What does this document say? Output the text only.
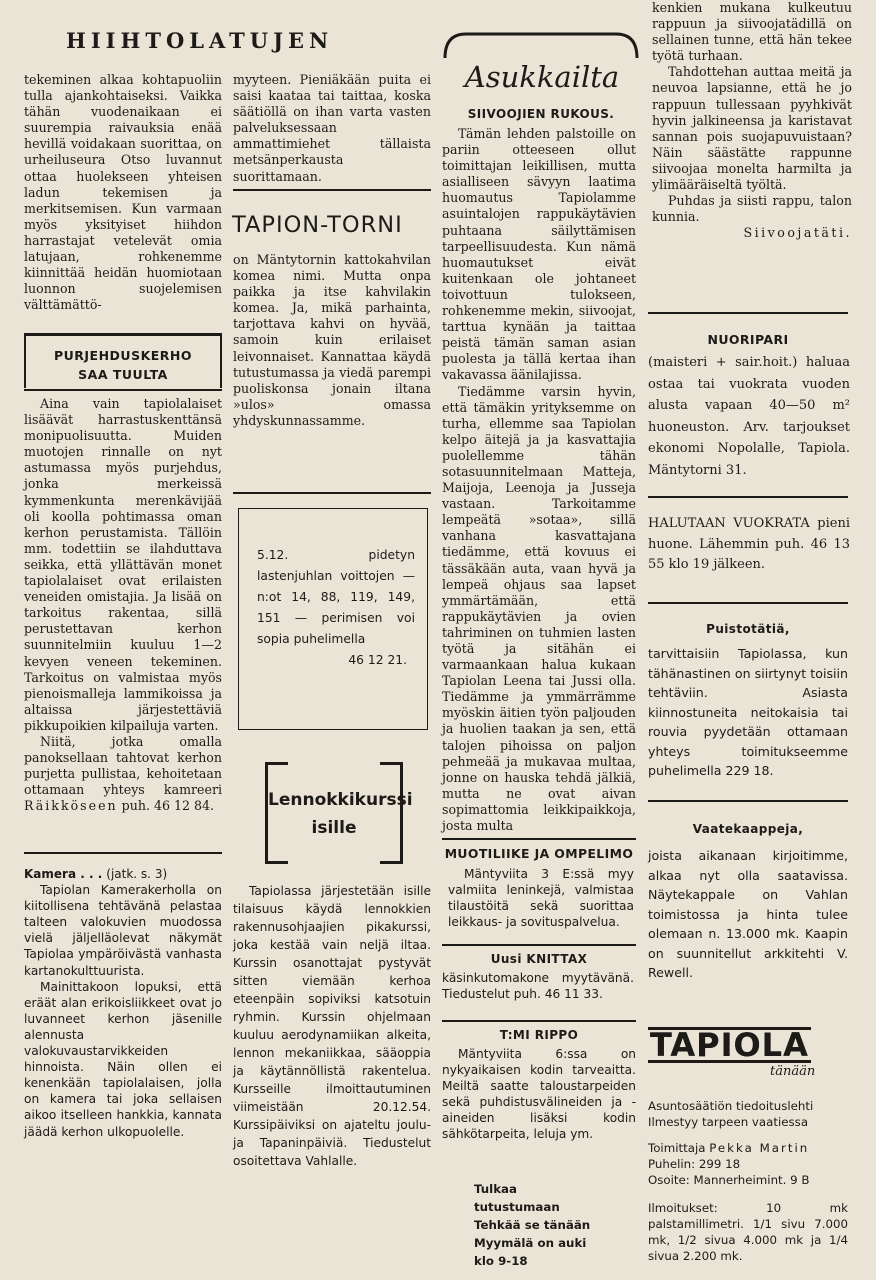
HIIHTOLATUJEN

tekeminen alkaa kohtapuoliin tulla ajankohtaiseksi. Vaikka tähän vuodenaikaan ei suurempia raivauksia enää hevillä voidakaan suorittaa, on urheiluseura Otso luvannut ottaa huolekseen yhteisen ladun tekemisen ja merkitsemisen. Kun varmaan myös yksityiset hiihdon harrastajat vetelevät omia latujaan, rohkenemme kiinnittää heidän huomiotaan luonnon suojelemisen välttämättö-

PURJEHDUSKERHO
SAA TUULTA

Aina vain tapiolalaiset lisäävät harrastuskenttänsä monipuolisuutta. Muiden muotojen rinnalle on nyt astumassa myös purjehdus, jonka merkeissä kymmenkunta merenkävijää oli koolla pohtimassa oman kerhon perustamista. Tällöin mm. todettiin se ilahduttava seikka, että yllättävän monet tapiolalaiset ovat erilaisten veneiden omistajia. Ja lisää on tarkoitus rakentaa, sillä perustettavan kerhon suunnitelmiin kuuluu 1—2 kevyen veneen tekeminen. Tarkoitus on valmistaa myös pienoismalleja lammikoissa ja altaissa järjestettäviä pikkupoikien kilpailuja varten.

Niitä, jotka omalla panoksellaan tahtovat kerhon purjetta pullistaa, kehoitetaan ottamaan yhteys kamreeri Räikköseen puh. 46 12 84.

Kamera . . . (jatk. s. 3)

Tapiolan Kamerakerholla on kiitollisena tehtävänä pelastaa talteen valokuvien muodossa vielä jäljelläolevat näkymät Tapiolaa ympäröivästä vanhasta kartanokulttuurista.

Mainittakoon lopuksi, että eräät alan erikoisliikkeet ovat jo luvanneet kerhon jäsenille alennusta valokuvaustarvikkeiden hinnoista. Näin ollen ei kenenkään tapiolalaisen, jolla on kamera tai joka sellaisen aikoo itselleen hankkia, kannata jäädä kerhon ulkopuolelle.

myyteen. Pieniäkään puita ei saisi kaataa tai taittaa, koska säätiöllä on ihan varta vasten palveluksessaan ammattimiehet tällaista metsänperkausta suorittamaan.

TAPION-TORNI

on Mäntytornin kattokahvilan komea nimi. Mutta onpa paikka ja itse kahvilakin komea. Ja, mikä parhainta, tarjottava kahvi on hyvää, samoin kuin erilaiset leivonnaiset. Kannattaa käydä tutustumassa ja viedä parempi puoliskonsa jonain iltana »ulos» omassa yhdyskunnassamme.

5.12. pidetyn lastenjuhlan voittojen — n:ot 14, 88, 119, 149, 151 — perimisen voi sopia puhelimella

46 12 21.
Lennokkikurssi
isille

Tapiolassa järjestetään isille tilaisuus käydä lennokkien rakennusohjaajien pikakurssi, joka kestää vain neljä iltaa. Kurssin osanottajat pystyvät sitten viemään kerhoa eteenpäin sopiviksi katsotuin ryhmin. Kurssin ohjelmaan kuuluu aerodynamiikan alkeita, lennon mekaniikkaa, sääoppia ja käytännöllistä rakentelua. Kursseille ilmoittautuminen viimeistään 20.12.54. Kurssipäiviksi on ajateltu joulu- ja Tapaninpäiviä. Tiedustelut osoitettava Vahlalle.

Asukkailta
SIIVOOJIEN RUKOUS.

Tämän lehden palstoille on pariin otteeseen ollut toimittajan leikillisen, mutta asialliseen sävyyn laatima huomautus Tapiolamme asuintalojen rappukäytävien puhtaana säilyttämisen tarpeellisuudesta. Kun nämä huomautukset eivät kuitenkaan ole johtaneet toivottuun tulokseen, rohkenemme mekin, siivoojat, tarttua kynään ja taittaa peistä tämän saman asian puolesta ja tällä kertaa ihan vakavassa äänilajissa.

Tiedämme varsin hyvin, että tämäkin yrityksemme on turha, ellemme saa Tapiolan kelpo äitejä ja ja kasvattajia puolellemme tähän sotasuunnitelmaan Matteja, Maijoja, Leenoja ja Jusseja vastaan. Tarkoitamme lempeätä »sotaa», sillä vanhana kasvattajana tiedämme, että kovuus ei tässäkään auta, vaan hyvä ja lempeä ohjaus saa lapset ymmärtämään, että rappukäytävien ja ovien tahriminen on tuhmien lasten työtä ja sitähän ei varmaankaan halua kukaan Tapiolan Leena tai Jussi olla. Tiedämme ja ymmärrämme myöskin äitien työn paljouden ja huolien taakan ja sen, että talojen pihoissa on paljon pehmeää ja mukavaa multaa, jonne on hauska tehdä jälkiä, mutta ne ovat aivan sopimattomia leikkipaikkoja, josta multa

MUOTILIIKE JA OMPELIMO

Mäntyviita 3 E:ssä myy valmiita leninkejä, valmistaa tilaustöitä sekä suorittaa leikkaus- ja sovituspalvelua.

Uusi KNITTAX

käsinkutomakone myytävänä. Tiedustelut puh. 46 11 33.

T:MI RIPPO

Mäntyviita 6:ssa on nykyaikaisen kodin tarveaitta. Meiltä saatte taloustarpeiden sekä puhdistusvälineiden ja -aineiden lisäksi kodin sähkötarpeita, leluja ym.

Tulkaa tutustumaan Tehkää se tänään Myymälä on auki klo 9-18

kenkien mukana kulkeutuu rappuun ja siivoojatädillä on sellainen tunne, että hän tekee työtä turhaan.

Tahdottehan auttaa meitä ja neuvoa lapsianne, että he jo rappuun tullessaan pyyhkivät hyvin jalkineensa ja karistavat sannan pois suojapuvuistaan? Näin säästätte rappunne siivoojaa monelta harmilta ja ylimääräiseltä työltä.

Puhdas ja siisti rappu, talon kunnia.

Siivoojatäti.

NUORIPARI

(maisteri + sair.hoit.) haluaa ostaa tai vuokrata vuoden alusta vapaan 40—50 m² huoneuston. Arv. tarjoukset ekonomi Nopolalle, Tapiola. Mäntytorni 31.

HALUTAAN VUOKRATA pieni huone. Lähemmin puh. 46 13 55 klo 19 jälkeen.

Puistotätiä,

tarvittaisiin Tapiolassa, kun tähänastinen on siirtynyt toisiin tehtäviin. Asiasta kiinnostuneita neitokaisia tai rouvia pyydetään ottamaan yhteys toimitukseemme puhelimella 229 18.

Vaatekaappeja,

joista aikanaan kirjoitimme, alkaa nyt olla saatavissa. Näytekappale on Vahlan toimistossa ja hinta tulee olemaan n. 13.000 mk. Kaapin on suunnitellut arkkitehti V. Rewell.

TAPIOLA
tänään
Asuntosäätiön tiedoituslehti
Ilmestyy tarpeen vaatiessa
Toimittaja Pekka Martin
Puhelin: 299 18
Osoite: Mannerheimint. 9 B
Ilmoitukset: 10 mk palstamillimetri. 1/1 sivu 7.000 mk, 1/2 sivua 4.000 mk ja 1/4 sivua 2.200 mk.
